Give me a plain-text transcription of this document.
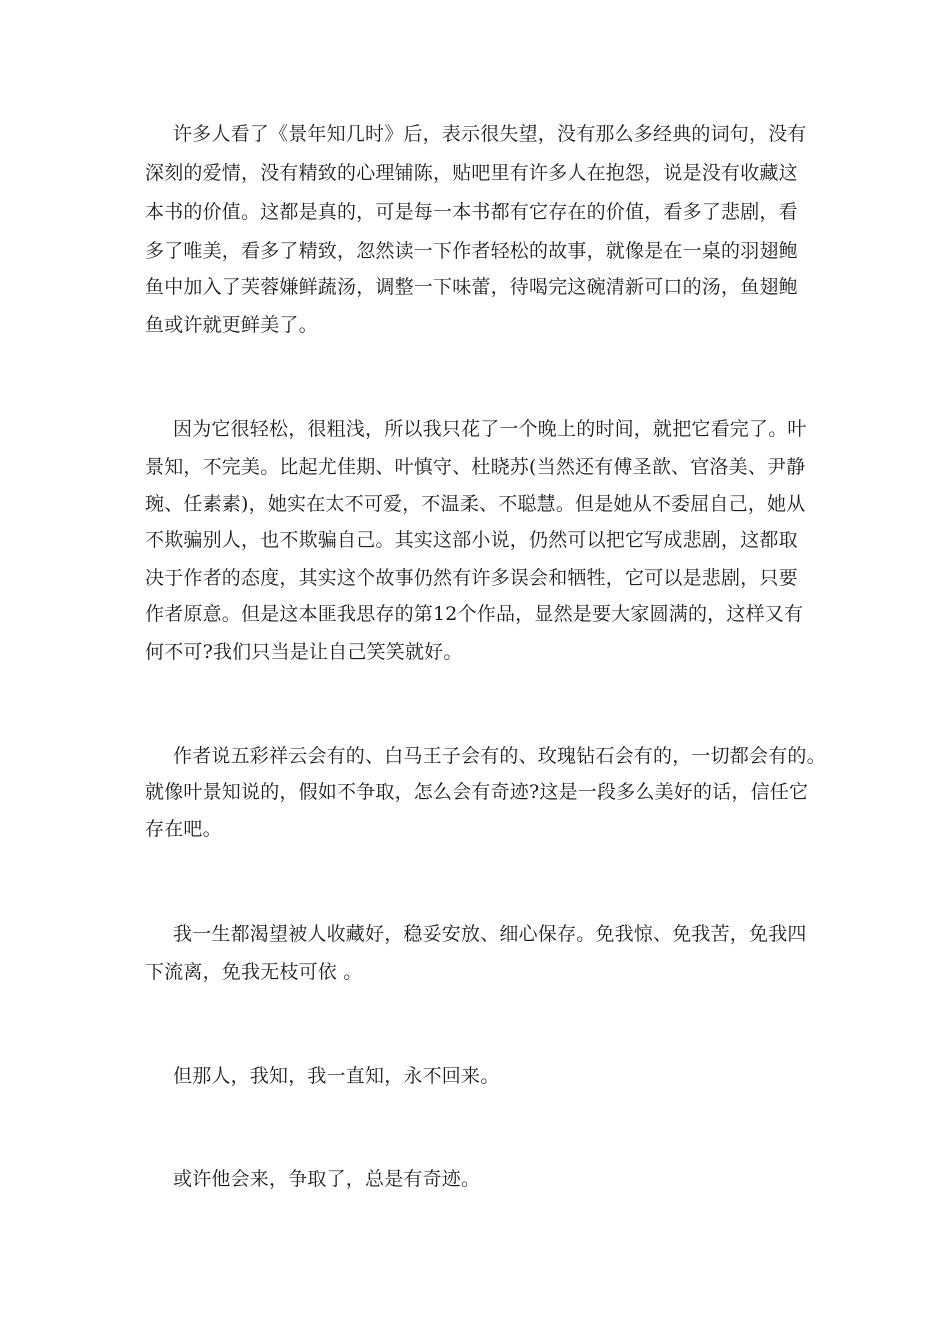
许多人看了《景年知几时》后，表示很失望，没有那么多经典的词句，没有
深刻的爱情，没有精致的心理铺陈，贴吧里有许多人在抱怨，说是没有收藏这
本书的价值。这都是真的，可是每一本书都有它存在的价值，看多了悲剧，看
多了唯美，看多了精致，忽然读一下作者轻松的故事，就像是在一桌的羽翅鲍
鱼中加入了芙蓉嫌鲜蔬汤，调整一下味蕾，待喝完这碗清新可口的汤，鱼翅鲍
鱼或许就更鲜美了。
因为它很轻松，很粗浅，所以我只花了一个晚上的时间，就把它看完了。叶
景知，不完美。比起尤佳期、叶慎守、杜晓苏(当然还有傅圣歆、官洛美、尹静
琬、任素素)，她实在太不可爱，不温柔、不聪慧。但是她从不委屈自己，她从
不欺骗别人，也不欺骗自己。其实这部小说，仍然可以把它写成悲剧，这都取
决于作者的态度，其实这个故事仍然有许多误会和牺牲，它可以是悲剧，只要
作者原意。但是这本匪我思存的第12个作品，显然是要大家圆满的，这样又有
何不可?我们只当是让自己笑笑就好。
作者说五彩祥云会有的、白马王子会有的、玫瑰钻石会有的，一切都会有的。
就像叶景知说的，假如不争取，怎么会有奇迹?这是一段多么美好的话，信任它
存在吧。
我一生都渴望被人收藏好，稳妥安放、细心保存。免我惊、免我苦，免我四
下流离，免我无枝可依 。
但那人，我知，我一直知，永不回来。
或许他会来，争取了，总是有奇迹。
